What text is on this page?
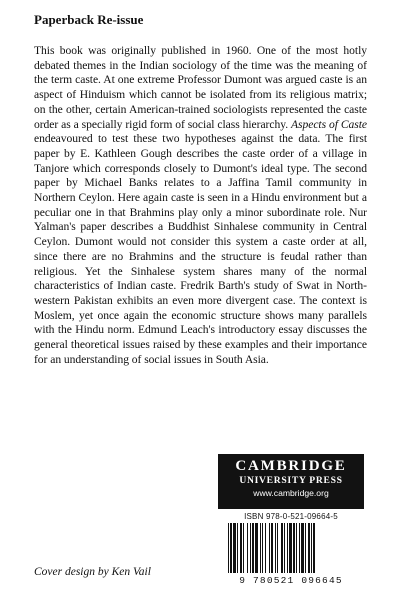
Paperback Re-issue
This book was originally published in 1960. One of the most hotly debated themes in the Indian sociology of the time was the meaning of the term caste. At one extreme Professor Dumont was argued caste is an aspect of Hinduism which cannot be isolated from its religious matrix; on the other, certain American-trained sociologists represented the caste order as a specially rigid form of social class hierarchy. Aspects of Caste endeavoured to test these two hypotheses against the data. The first paper by E. Kathleen Gough describes the caste order of a village in Tanjore which corresponds closely to Dumont's ideal type. The second paper by Michael Banks relates to a Jaffina Tamil community in Northern Ceylon. Here again caste is seen in a Hindu environment but a peculiar one in that Brahmins play only a minor subordinate role. Nur Yalman's paper describes a Buddhist Sinhalese community in Central Ceylon. Dumont would not consider this system a caste order at all, since there are no Brahmins and the structure is feudal rather than religious. Yet the Sinhalese system shares many of the normal characteristics of Indian caste. Fredrik Barth's study of Swat in North-western Pakistan exhibits an even more divergent case. The context is Moslem, yet once again the economic structure shows many parallels with the Hindu norm. Edmund Leach's introductory essay discusses the general theoretical issues raised by these examples and their importance for an understanding of social issues in South Asia.
CAMBRIDGE
UNIVERSITY PRESS
www.cambridge.org
ISBN 978-0-521-09664-5
9 780521 096645
Cover design by Ken Vail
